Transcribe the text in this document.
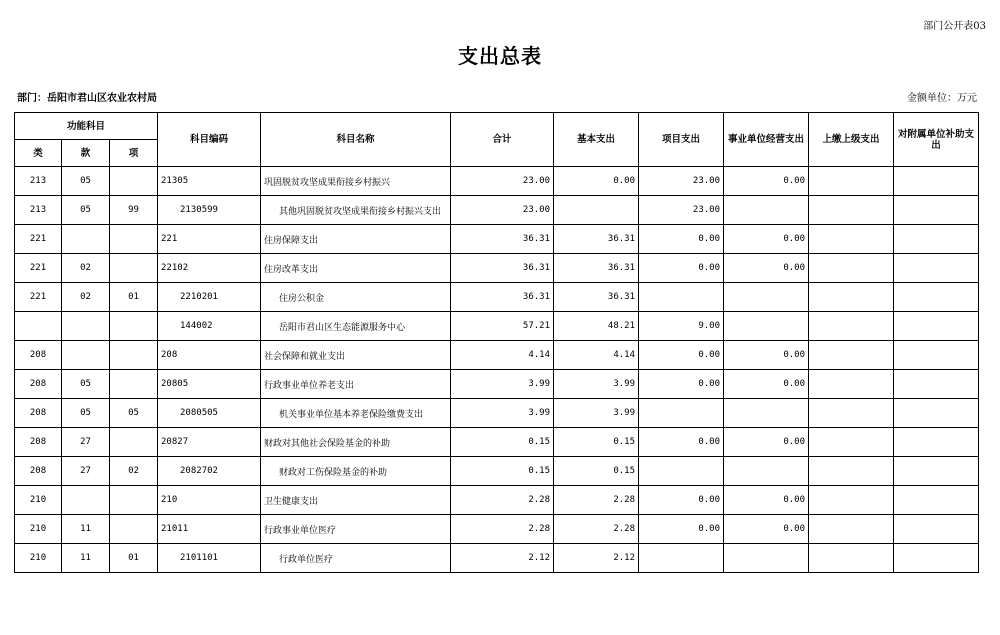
部门公开表03
支出总表
部门：岳阳市君山区农业农村局	金额单位：万元
功能科目			科目编码	科目名称	合计	基本支出	项目支出	事业单位经营支出	上缴上级支出	对附属单位补助支出
类	款	项								
213	05		21305	巩固脱贫攻坚成果衔接乡村振兴	23.00	0.00	23.00	0.00		
213	05	99	2130599	其他巩固脱贫攻坚成果衔接乡村振兴支出	23.00		23.00			
221			221	住房保障支出	36.31	36.31	0.00	0.00		
221	02		22102	住房改革支出	36.31	36.31	0.00	0.00		
221	02	01	2210201	住房公积金	36.31	36.31				
			144002	岳阳市君山区生态能源服务中心	57.21	48.21	9.00			
208			208	社会保障和就业支出	4.14	4.14	0.00	0.00		
208	05		20805	行政事业单位养老支出	3.99	3.99	0.00	0.00		
208	05	05	2080505	机关事业单位基本养老保险缴费支出	3.99	3.99				
208	27		20827	财政对其他社会保险基金的补助	0.15	0.15	0.00	0.00		
208	27	02	2082702	财政对工伤保险基金的补助	0.15	0.15				
210			210	卫生健康支出	2.28	2.28	0.00	0.00		
210	11		21011	行政事业单位医疗	2.28	2.28	0.00	0.00		
210	11	01	2101101	行政单位医疗	2.12	2.12				
